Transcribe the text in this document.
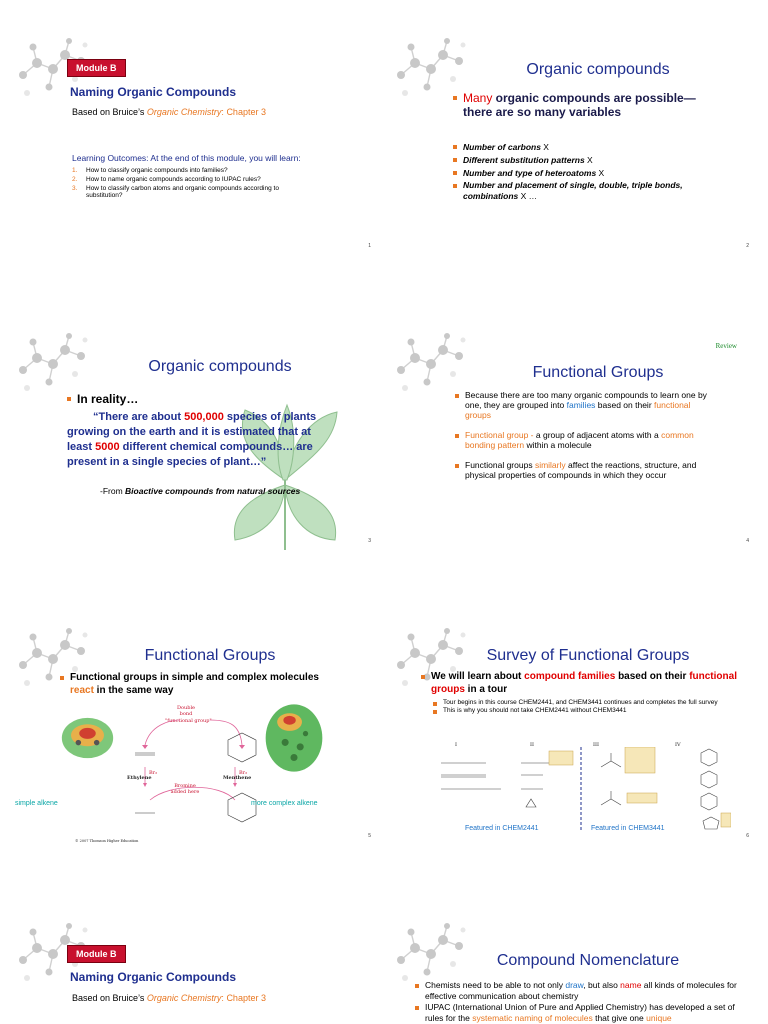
Module B
Naming Organic Compounds
Based on Bruice’s Organic Chemistry: Chapter 3
Learning Outcomes: At the end of this module, you will learn:
1.	How to classify organic compounds into families?
2.	How to name organic compounds according to IUPAC rules?
3.	How to classify carbon atoms and organic compounds according to substitution?
1
Organic compounds
Many organic compounds are possible—there are so many variables
Number of carbons X
Different substitution patterns X
Number and type of heteroatoms X
Number and placement of single, double, triple bonds, combinations X …
2
Organic compounds
In reality…
“There are about 500,000 species of plants growing on the earth and it is estimated that at least 5000 different chemical compounds… are present in a single species of plant…”
-From Bioactive compounds from natural sources
3
Review
Functional Groups
Because there are too many organic compounds to learn one by one, they are grouped into families based on their functional groups
Functional group - a group of adjacent atoms with a common bonding pattern within a molecule
Functional groups similarly affect the reactions, structure, and physical properties of compounds in which they occur
4
Functional Groups
Functional groups in simple and complex molecules react in the same way
Double bond
"functional group"
Ethylene	Menthene
Br₂	Br₂
Bromine added here
simple alkene	more complex alkene
© 2007 Thomson Higher Education
5
Survey of Functional Groups
We will learn about compound families based on their functional groups in a tour
Tour begins in this course CHEM2441, and CHEM3441 continues and completes the full survey
This is why you should not take CHEM2441 without CHEM3441
I	II	III	IV
Featured in CHEM2441	Featured in CHEM3441
6
Module B
Naming Organic Compounds
Based on Bruice’s Organic Chemistry: Chapter 3
Compound Nomenclature
Chemists need to be able to not only draw, but also name all kinds of molecules for effective communication about chemistry
IUPAC (International Union of Pure and Applied Chemistry) has developed a set of rules for the systematic naming of molecules that give one unique
